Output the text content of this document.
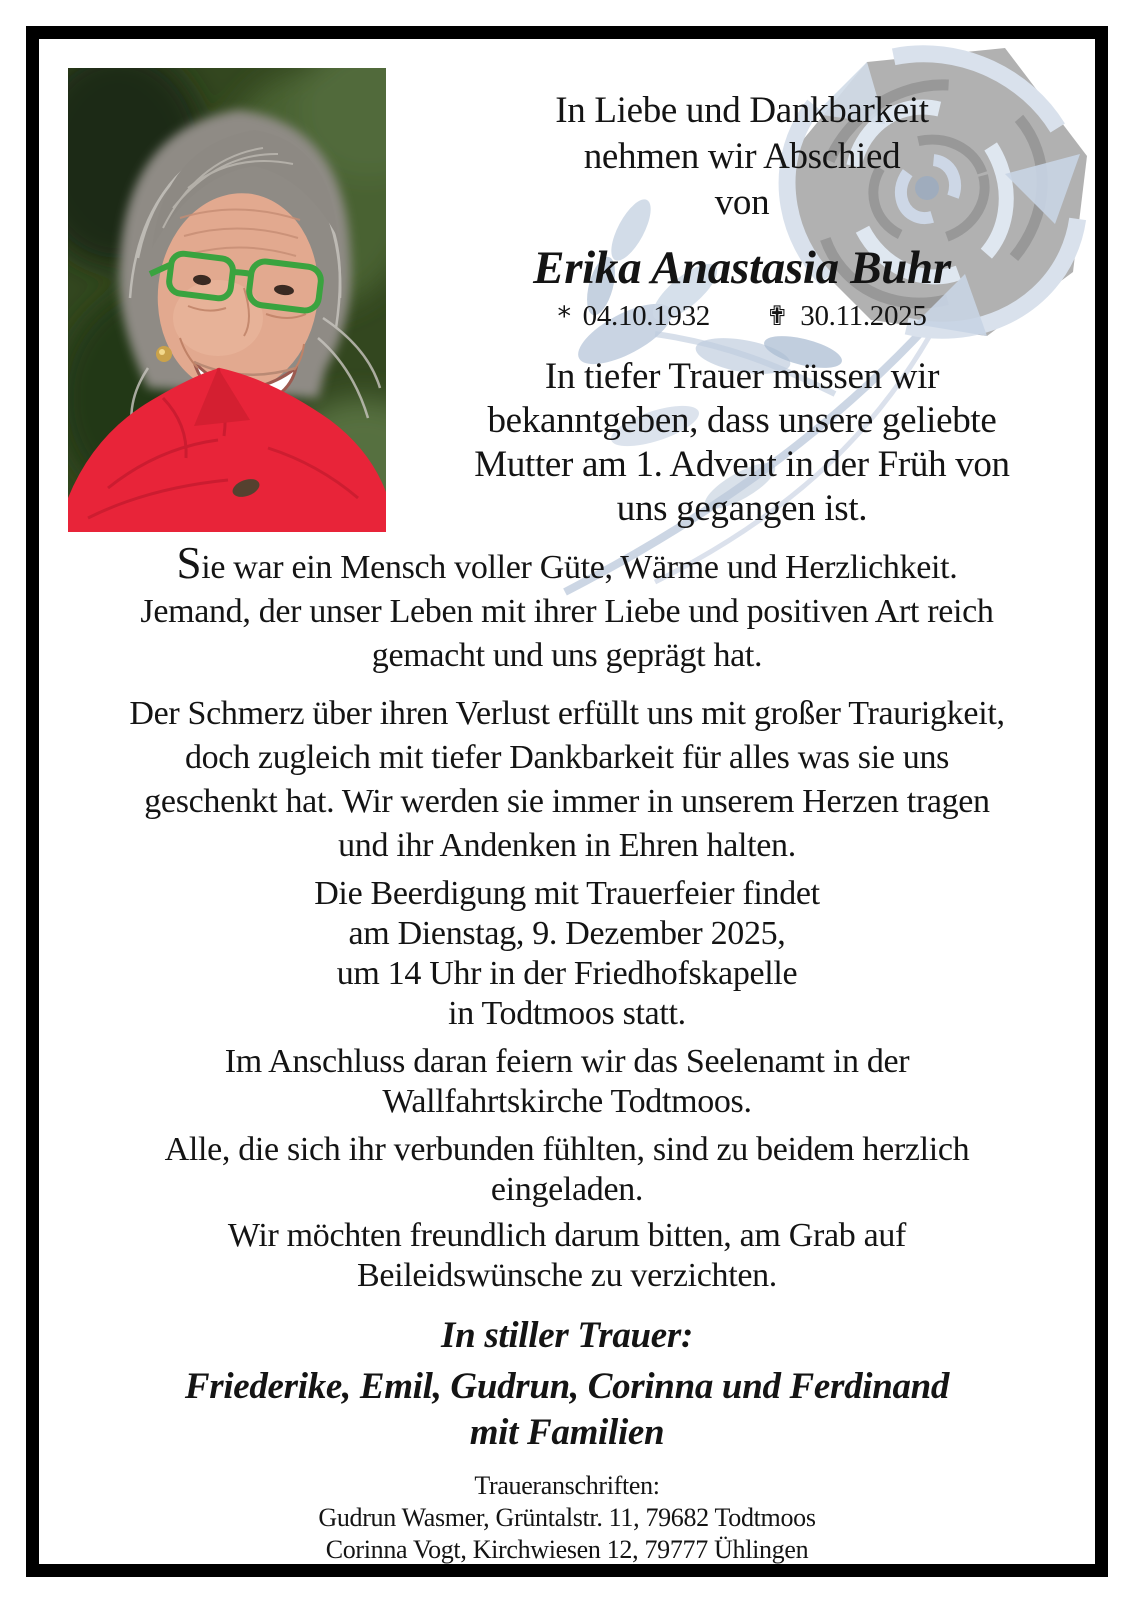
In Liebe und Dankbarkeit
nehmen wir Abschied
von
Erika Anastasia Buhr
* 04.10.1932 ✟ 30.11.2025
In tiefer Trauer müssen wir
bekanntgeben, dass unsere geliebte
Mutter am 1. Advent in der Früh von
uns gegangen ist.
Sie war ein Mensch voller Güte, Wärme und Herzlichkeit.
Jemand, der unser Leben mit ihrer Liebe und positiven Art reich
gemacht und uns geprägt hat.
Der Schmerz über ihren Verlust erfüllt uns mit großer Traurigkeit,
doch zugleich mit tiefer Dankbarkeit für alles was sie uns
geschenkt hat. Wir werden sie immer in unserem Herzen tragen
und ihr Andenken in Ehren halten.
Die Beerdigung mit Trauerfeier findet
am Dienstag, 9. Dezember 2025,
um 14 Uhr in der Friedhofskapelle
in Todtmoos statt.
Im Anschluss daran feiern wir das Seelenamt in der
Wallfahrtskirche Todtmoos.
Alle, die sich ihr verbunden fühlten, sind zu beidem herzlich
eingeladen.
Wir möchten freundlich darum bitten, am Grab auf
Beileidswünsche zu verzichten.
In stiller Trauer:
Friederike, Emil, Gudrun, Corinna und Ferdinand
mit Familien
Traueranschriften:
Gudrun Wasmer, Grüntalstr. 11, 79682 Todtmoos
Corinna Vogt, Kirchwiesen 12, 79777 Ühlingen
